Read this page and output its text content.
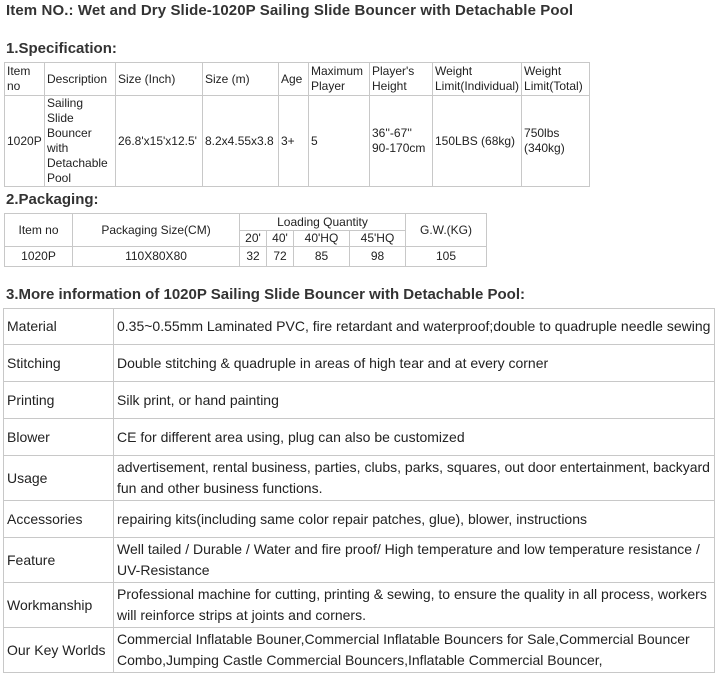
Item NO.: Wet and Dry Slide-1020P Sailing Slide Bouncer with Detachable Pool
1.Specification:
Item no	Description	Size (Inch)	Size (m)	Age	Maximum Player	Player's Height	Weight Limit(Individual)	Weight Limit(Total)
1020P	Sailing Slide Bouncer with Detachable Pool	26.8'x15'x12.5'	8.2x4.55x3.8	3+	5	36''-67'' 90-170cm	150LBS (68kg)	750lbs (340kg)
2.Packaging:
Item no	Packaging Size(CM)	Loading Quantity				G.W.(KG)
		20'	40'	40'HQ	45'HQ	
1020P	110X80X80	32	72	85	98	105
3.More information of 1020P Sailing Slide Bouncer with Detachable Pool:
Material	0.35~0.55mm Laminated PVC, fire retardant and waterproof;double to quadruple needle sewing
Stitching	Double stitching & quadruple in areas of high tear and at every corner
Printing	Silk print, or hand painting
Blower	CE for different area using, plug can also be customized
Usage	advertisement, rental business, parties, clubs, parks, squares, out door entertainment, backyard fun and other business functions.
Accessories	repairing kits(including same color repair patches, glue), blower, instructions
Feature	Well tailed / Durable / Water and fire proof/ High temperature and low temperature resistance / UV-Resistance
Workmanship	Professional machine for cutting, printing & sewing, to ensure the quality in all process, workers will reinforce strips at joints and corners.
Our Key Worlds	Commercial Inflatable Bouner,Commercial Inflatable Bouncers for Sale,Commercial Bouncer Combo,Jumping Castle Commercial Bouncers,Inflatable Commercial Bouncer,
